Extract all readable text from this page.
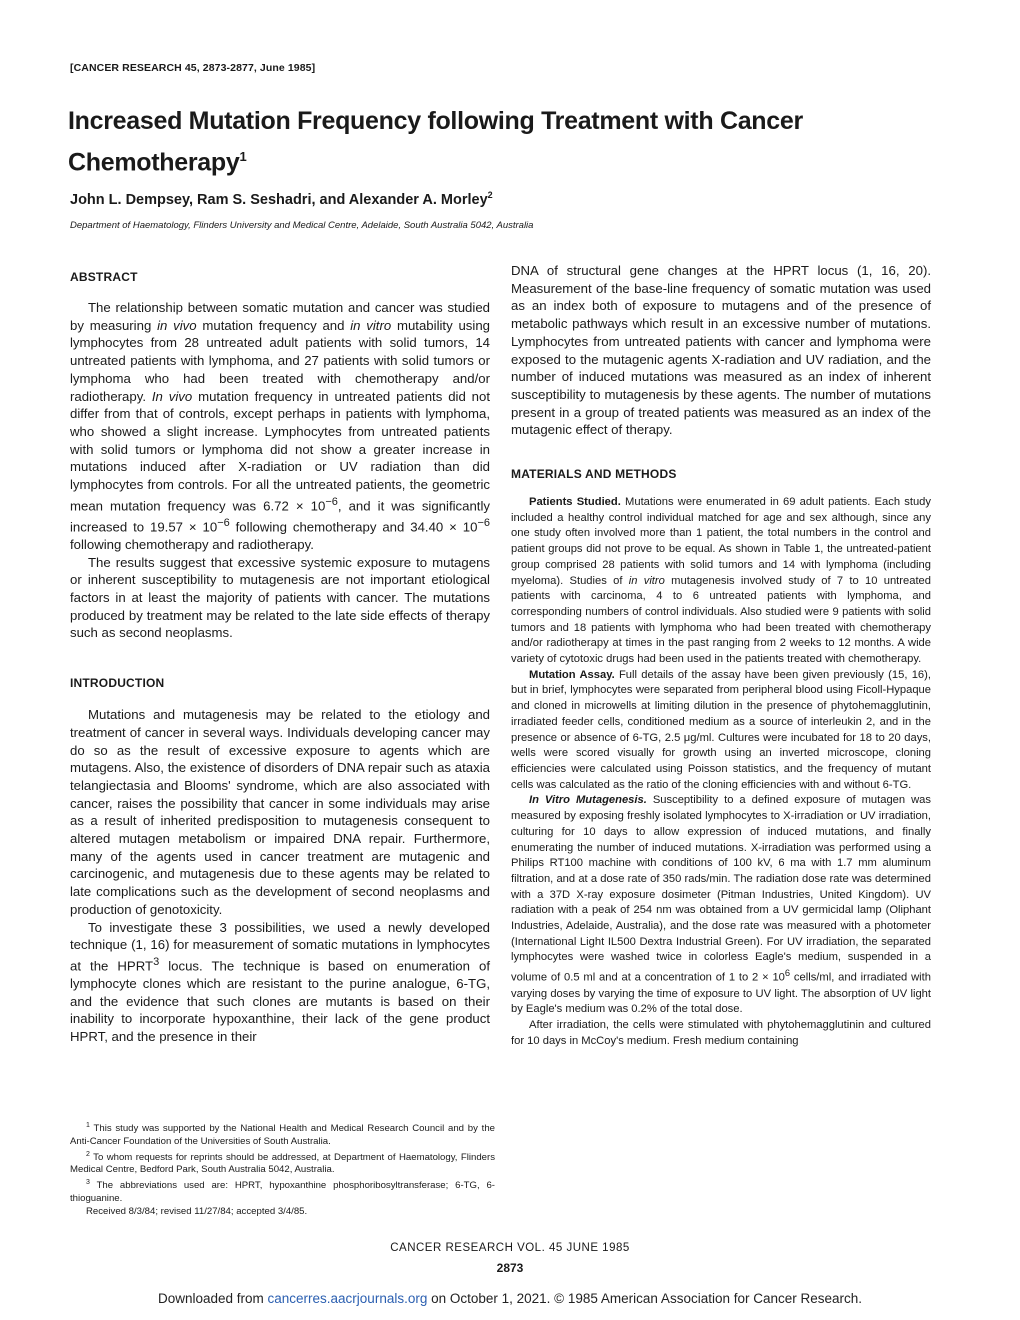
[CANCER RESEARCH 45, 2873-2877, June 1985]
Increased Mutation Frequency following Treatment with Cancer Chemotherapy$^1$

John L. Dempsey, Ram S. Seshadri, and Alexander A. Morley$^2$

Department of Haematology, Flinders University and Medical Centre, Adelaide, South Australia 5042, Australia

ABSTRACT

The relationship between somatic mutation and cancer was studied by measuring in vivo mutation frequency and in vitro mutability using lymphocytes from 28 untreated adult patients with solid tumors, 14 untreated patients with lymphoma, and 27 patients with solid tumors or lymphoma who had been treated with chemotherapy and/or radiotherapy. In vivo mutation frequency in untreated patients did not differ from that of controls, except perhaps in patients with lymphoma, who showed a slight increase. Lymphocytes from untreated patients with solid tumors or lymphoma did not show a greater increase in mutations induced after X-radiation or UV radiation than did lymphocytes from controls. For all the untreated patients, the geometric mean mutation frequency was $6.72 \times 10^{-6}$, and it was significantly increased to $19.57 \times 10^{-6}$ following chemotherapy and $34.40 \times 10^{-6}$ following chemotherapy and radiotherapy.

The results suggest that excessive systemic exposure to mutagens or inherent susceptibility to mutagenesis are not important etiological factors in at least the majority of patients with cancer. The mutations produced by treatment may be related to the late side effects of therapy such as second neoplasms.

INTRODUCTION

Mutations and mutagenesis may be related to the etiology and treatment of cancer in several ways. Individuals developing cancer may do so as the result of excessive exposure to agents which are mutagens. Also, the existence of disorders of DNA repair such as ataxia telangiectasia and Blooms' syndrome, which are also associated with cancer, raises the possibility that cancer in some individuals may arise as a result of inherited predisposition to mutagenesis consequent to altered mutagen metabolism or impaired DNA repair. Furthermore, many of the agents used in cancer treatment are mutagenic and carcinogenic, and mutagenesis due to these agents may be related to late complications such as the development of second neoplasms and production of genotoxicity.

To investigate these 3 possibilities, we used a newly developed technique (1, 16) for measurement of somatic mutations in lymphocytes at the HPRT$^3$ locus. The technique is based on enumeration of lymphocyte clones which are resistant to the purine analogue, 6-TG, and the evidence that such clones are mutants is based on their inability to incorporate hypoxanthine, their lack of the gene product HPRT, and the presence in their

DNA of structural gene changes at the HPRT locus (1, 16, 20). Measurement of the base-line frequency of somatic mutation was used as an index both of exposure to mutagens and of the presence of metabolic pathways which result in an excessive number of mutations. Lymphocytes from untreated patients with cancer and lymphoma were exposed to the mutagenic agents X-radiation and UV radiation, and the number of induced mutations was measured as an index of inherent susceptibility to mutagenesis by these agents. The number of mutations present in a group of treated patients was measured as an index of the mutagenic effect of therapy.

MATERIALS AND METHODS

Patients Studied. Mutations were enumerated in 69 adult patients. Each study included a healthy control individual matched for age and sex although, since any one study often involved more than 1 patient, the total numbers in the control and patient groups did not prove to be equal. As shown in Table 1, the untreated-patient group comprised 28 patients with solid tumors and 14 with lymphoma (including myeloma). Studies of in vitro mutagenesis involved study of 7 to 10 untreated patients with carcinoma, 4 to 6 untreated patients with lymphoma, and corresponding numbers of control individuals. Also studied were 9 patients with solid tumors and 18 patients with lymphoma who had been treated with chemotherapy and/or radiotherapy at times in the past ranging from 2 weeks to 12 months. A wide variety of cytotoxic drugs had been used in the patients treated with chemotherapy.

Mutation Assay. Full details of the assay have been given previously (15, 16), but in brief, lymphocytes were separated from peripheral blood using Ficoll-Hypaque and cloned in microwells at limiting dilution in the presence of phytohemagglutinin, irradiated feeder cells, conditioned medium as a source of interleukin 2, and in the presence or absence of 6-TG, 2.5 μg/ml. Cultures were incubated for 18 to 20 days, wells were scored visually for growth using an inverted microscope, cloning efficiencies were calculated using Poisson statistics, and the frequency of mutant cells was calculated as the ratio of the cloning efficiencies with and without 6-TG.

In Vitro Mutagenesis. Susceptibility to a defined exposure of mutagen was measured by exposing freshly isolated lymphocytes to X-irradiation or UV irradiation, culturing for 10 days to allow expression of induced mutations, and finally enumerating the number of induced mutations. X-irradiation was performed using a Philips RT100 machine with conditions of 100 kV, 6 ma with 1.7 mm aluminum filtration, and at a dose rate of 350 rads/min. The radiation dose rate was determined with a 37D X-ray exposure dosimeter (Pitman Industries, United Kingdom). UV radiation with a peak of 254 nm was obtained from a UV germicidal lamp (Oliphant Industries, Adelaide, Australia), and the dose rate was measured with a photometer (International Light IL500 Dextra Industrial Green). For UV irradiation, the separated lymphocytes were washed twice in colorless Eagle's medium, suspended in a volume of 0.5 ml and at a concentration of 1 to $2 \times 10^6$ cells/ml, and irradiated with varying doses by varying the time of exposure to UV light. The absorption of UV light by Eagle's medium was 0.2% of the total dose.

After irradiation, the cells were stimulated with phytohemagglutinin and cultured for 10 days in McCoy's medium. Fresh medium containing

$^1$ This study was supported by the National Health and Medical Research Council and by the Anti-Cancer Foundation of the Universities of South Australia.

$^2$ To whom requests for reprints should be addressed, at Department of Haematology, Flinders Medical Centre, Bedford Park, South Australia 5042, Australia.

$^3$ The abbreviations used are: HPRT, hypoxanthine phosphoribosyltransferase; 6-TG, 6-thioguanine.

Received 8/3/84; revised 11/27/84; accepted 3/4/85.

CANCER RESEARCH VOL. 45 JUNE 1985
2873
Downloaded from cancerres.aacrjournals.org on October 1, 2021. © 1985 American Association for Cancer Research.
